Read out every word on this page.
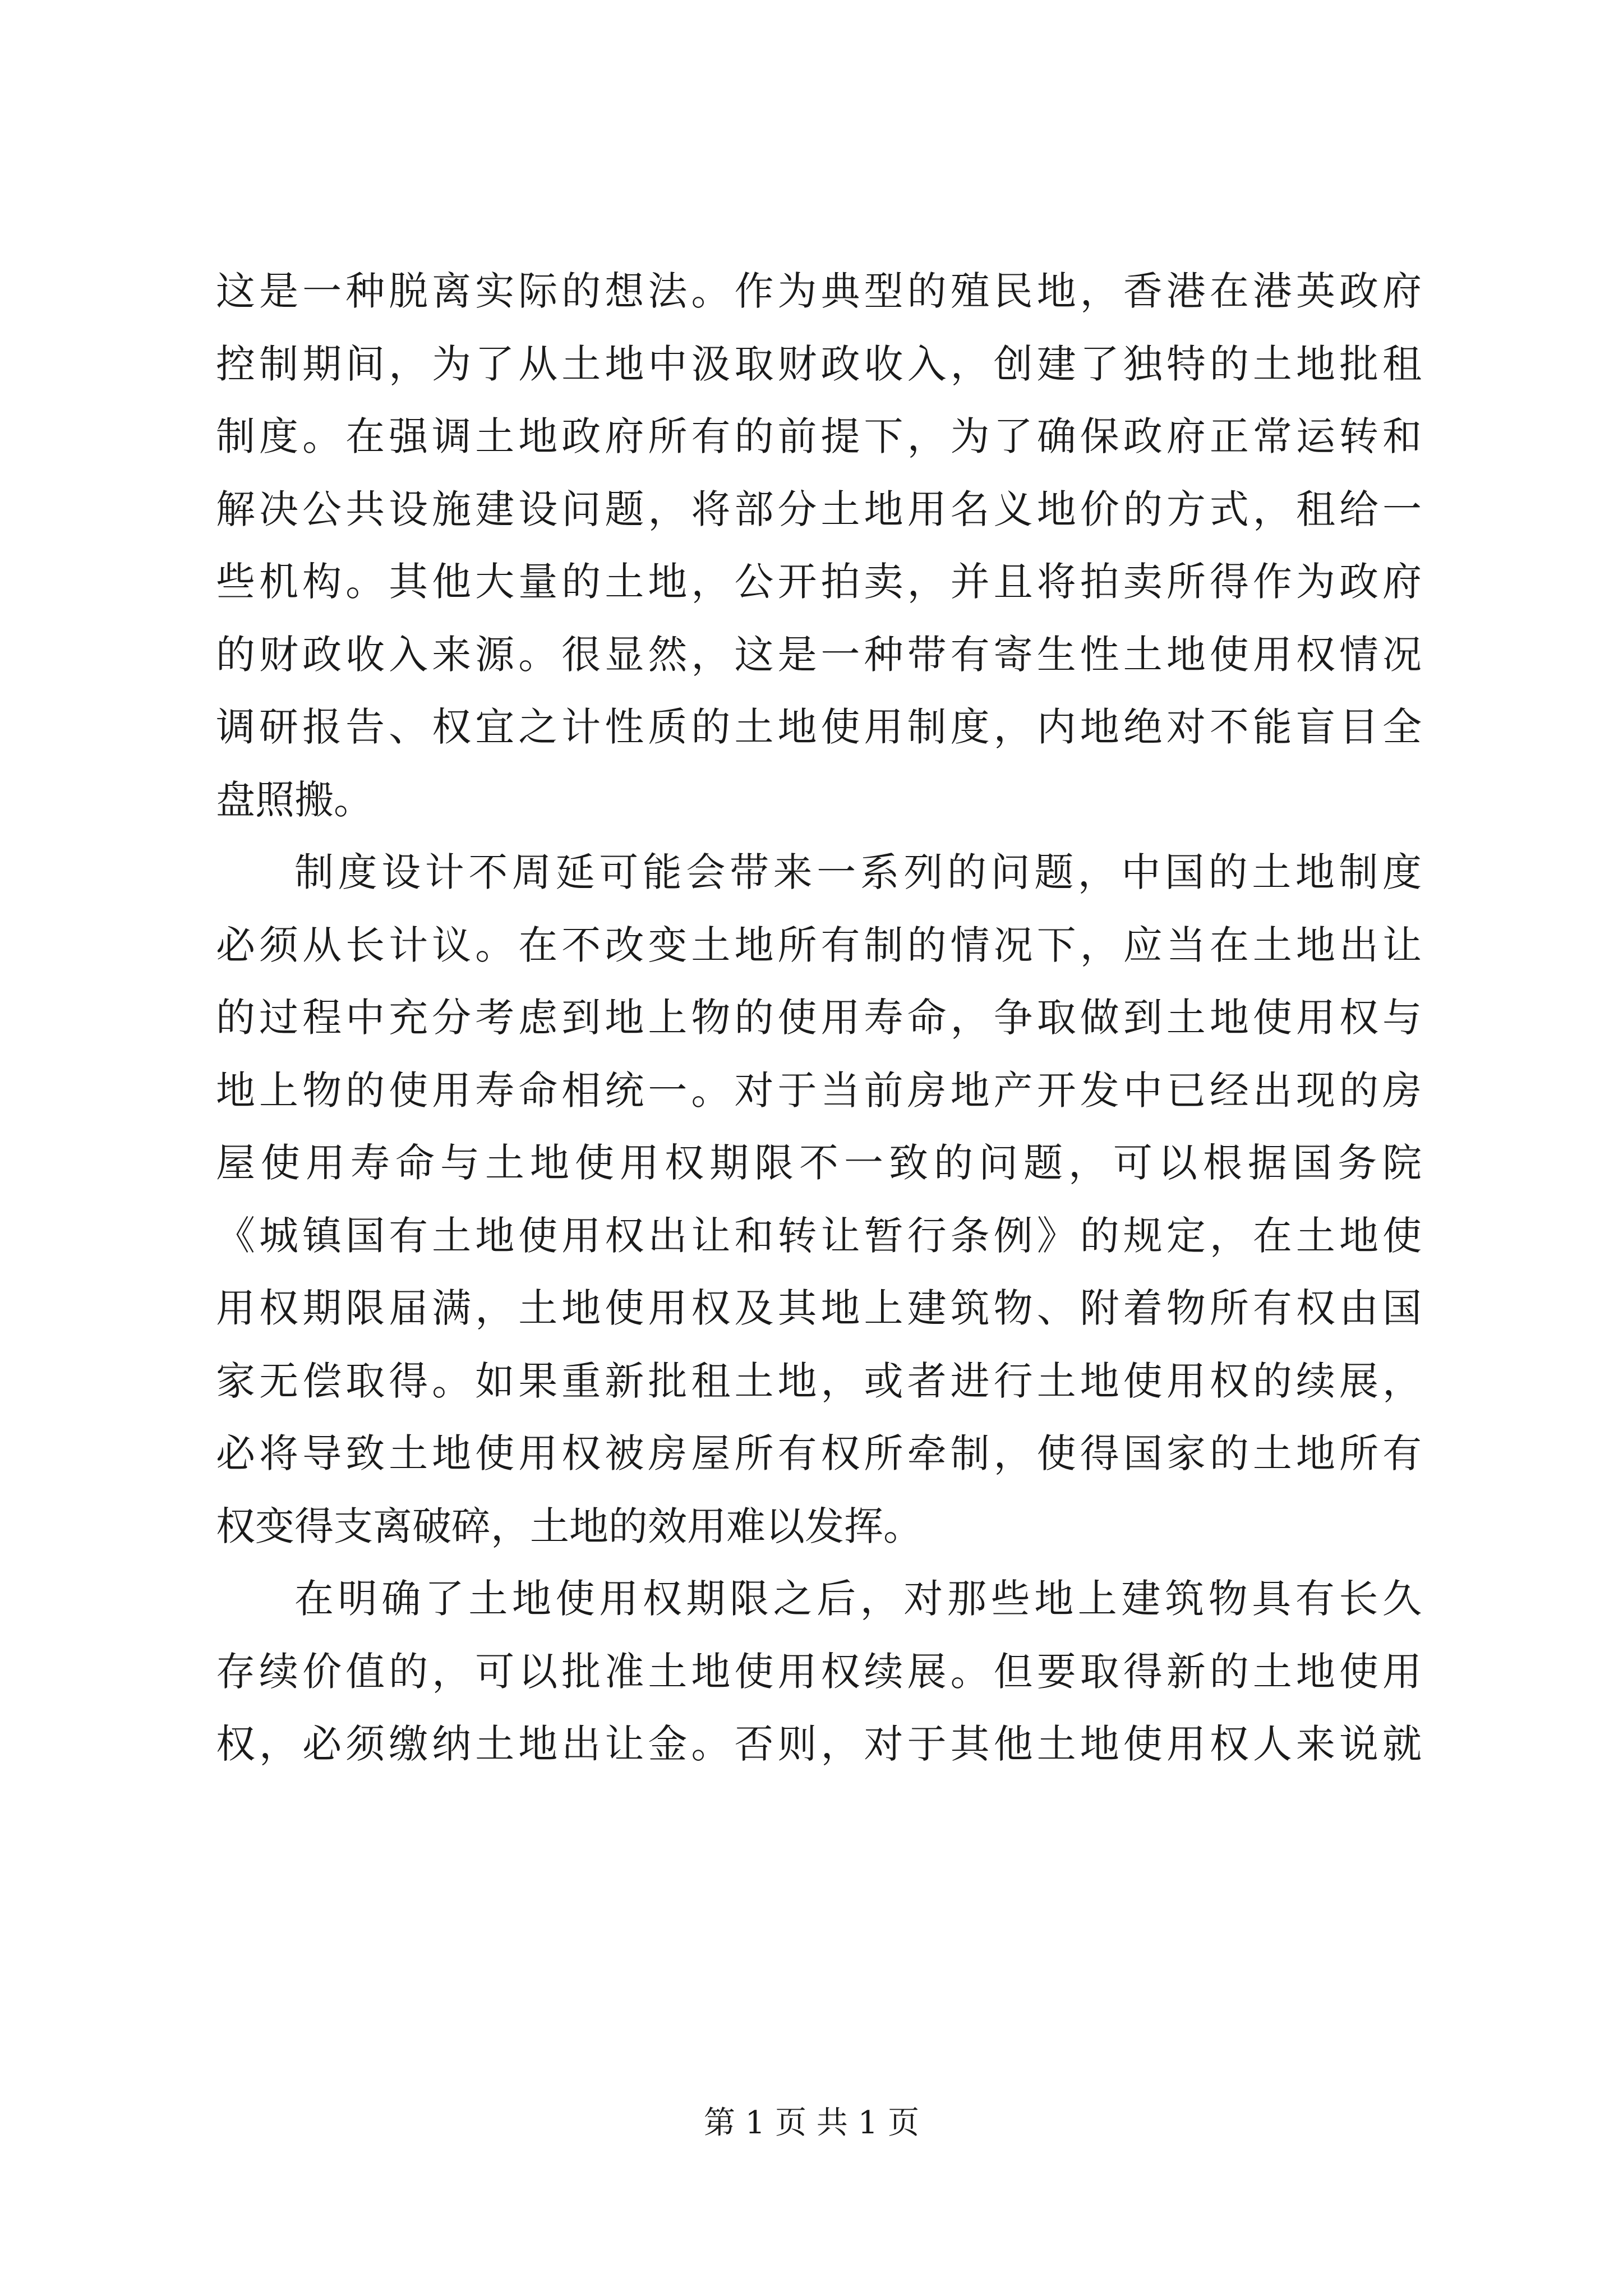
这是一种脱离实际的想法。作为典型的殖民地，香港在港英政府
控制期间，为了从土地中汲取财政收入，创建了独特的土地批租
制度。在强调土地政府所有的前提下，为了确保政府正常运转和
解决公共设施建设问题，将部分土地用名义地价的方式，租给一
些机构。其他大量的土地，公开拍卖，并且将拍卖所得作为政府
的财政收入来源。很显然，这是一种带有寄生性土地使用权情况
调研报告、权宜之计性质的土地使用制度，内地绝对不能盲目全
盘照搬。
制度设计不周延可能会带来一系列的问题，中国的土地制度
必须从长计议。在不改变土地所有制的情况下，应当在土地出让
的过程中充分考虑到地上物的使用寿命，争取做到土地使用权与
地上物的使用寿命相统一。对于当前房地产开发中已经出现的房
屋使用寿命与土地使用权期限不一致的问题，可以根据国务院
《城镇国有土地使用权出让和转让暂行条例》的规定，在土地使
用权期限届满，土地使用权及其地上建筑物、附着物所有权由国
家无偿取得。如果重新批租土地，或者进行土地使用权的续展，
必将导致土地使用权被房屋所有权所牵制，使得国家的土地所有
权变得支离破碎，土地的效用难以发挥。
在明确了土地使用权期限之后，对那些地上建筑物具有长久
存续价值的，可以批准土地使用权续展。但要取得新的土地使用
权，必须缴纳土地出让金。否则，对于其他土地使用权人来说就
第 1 页 共 1 页
